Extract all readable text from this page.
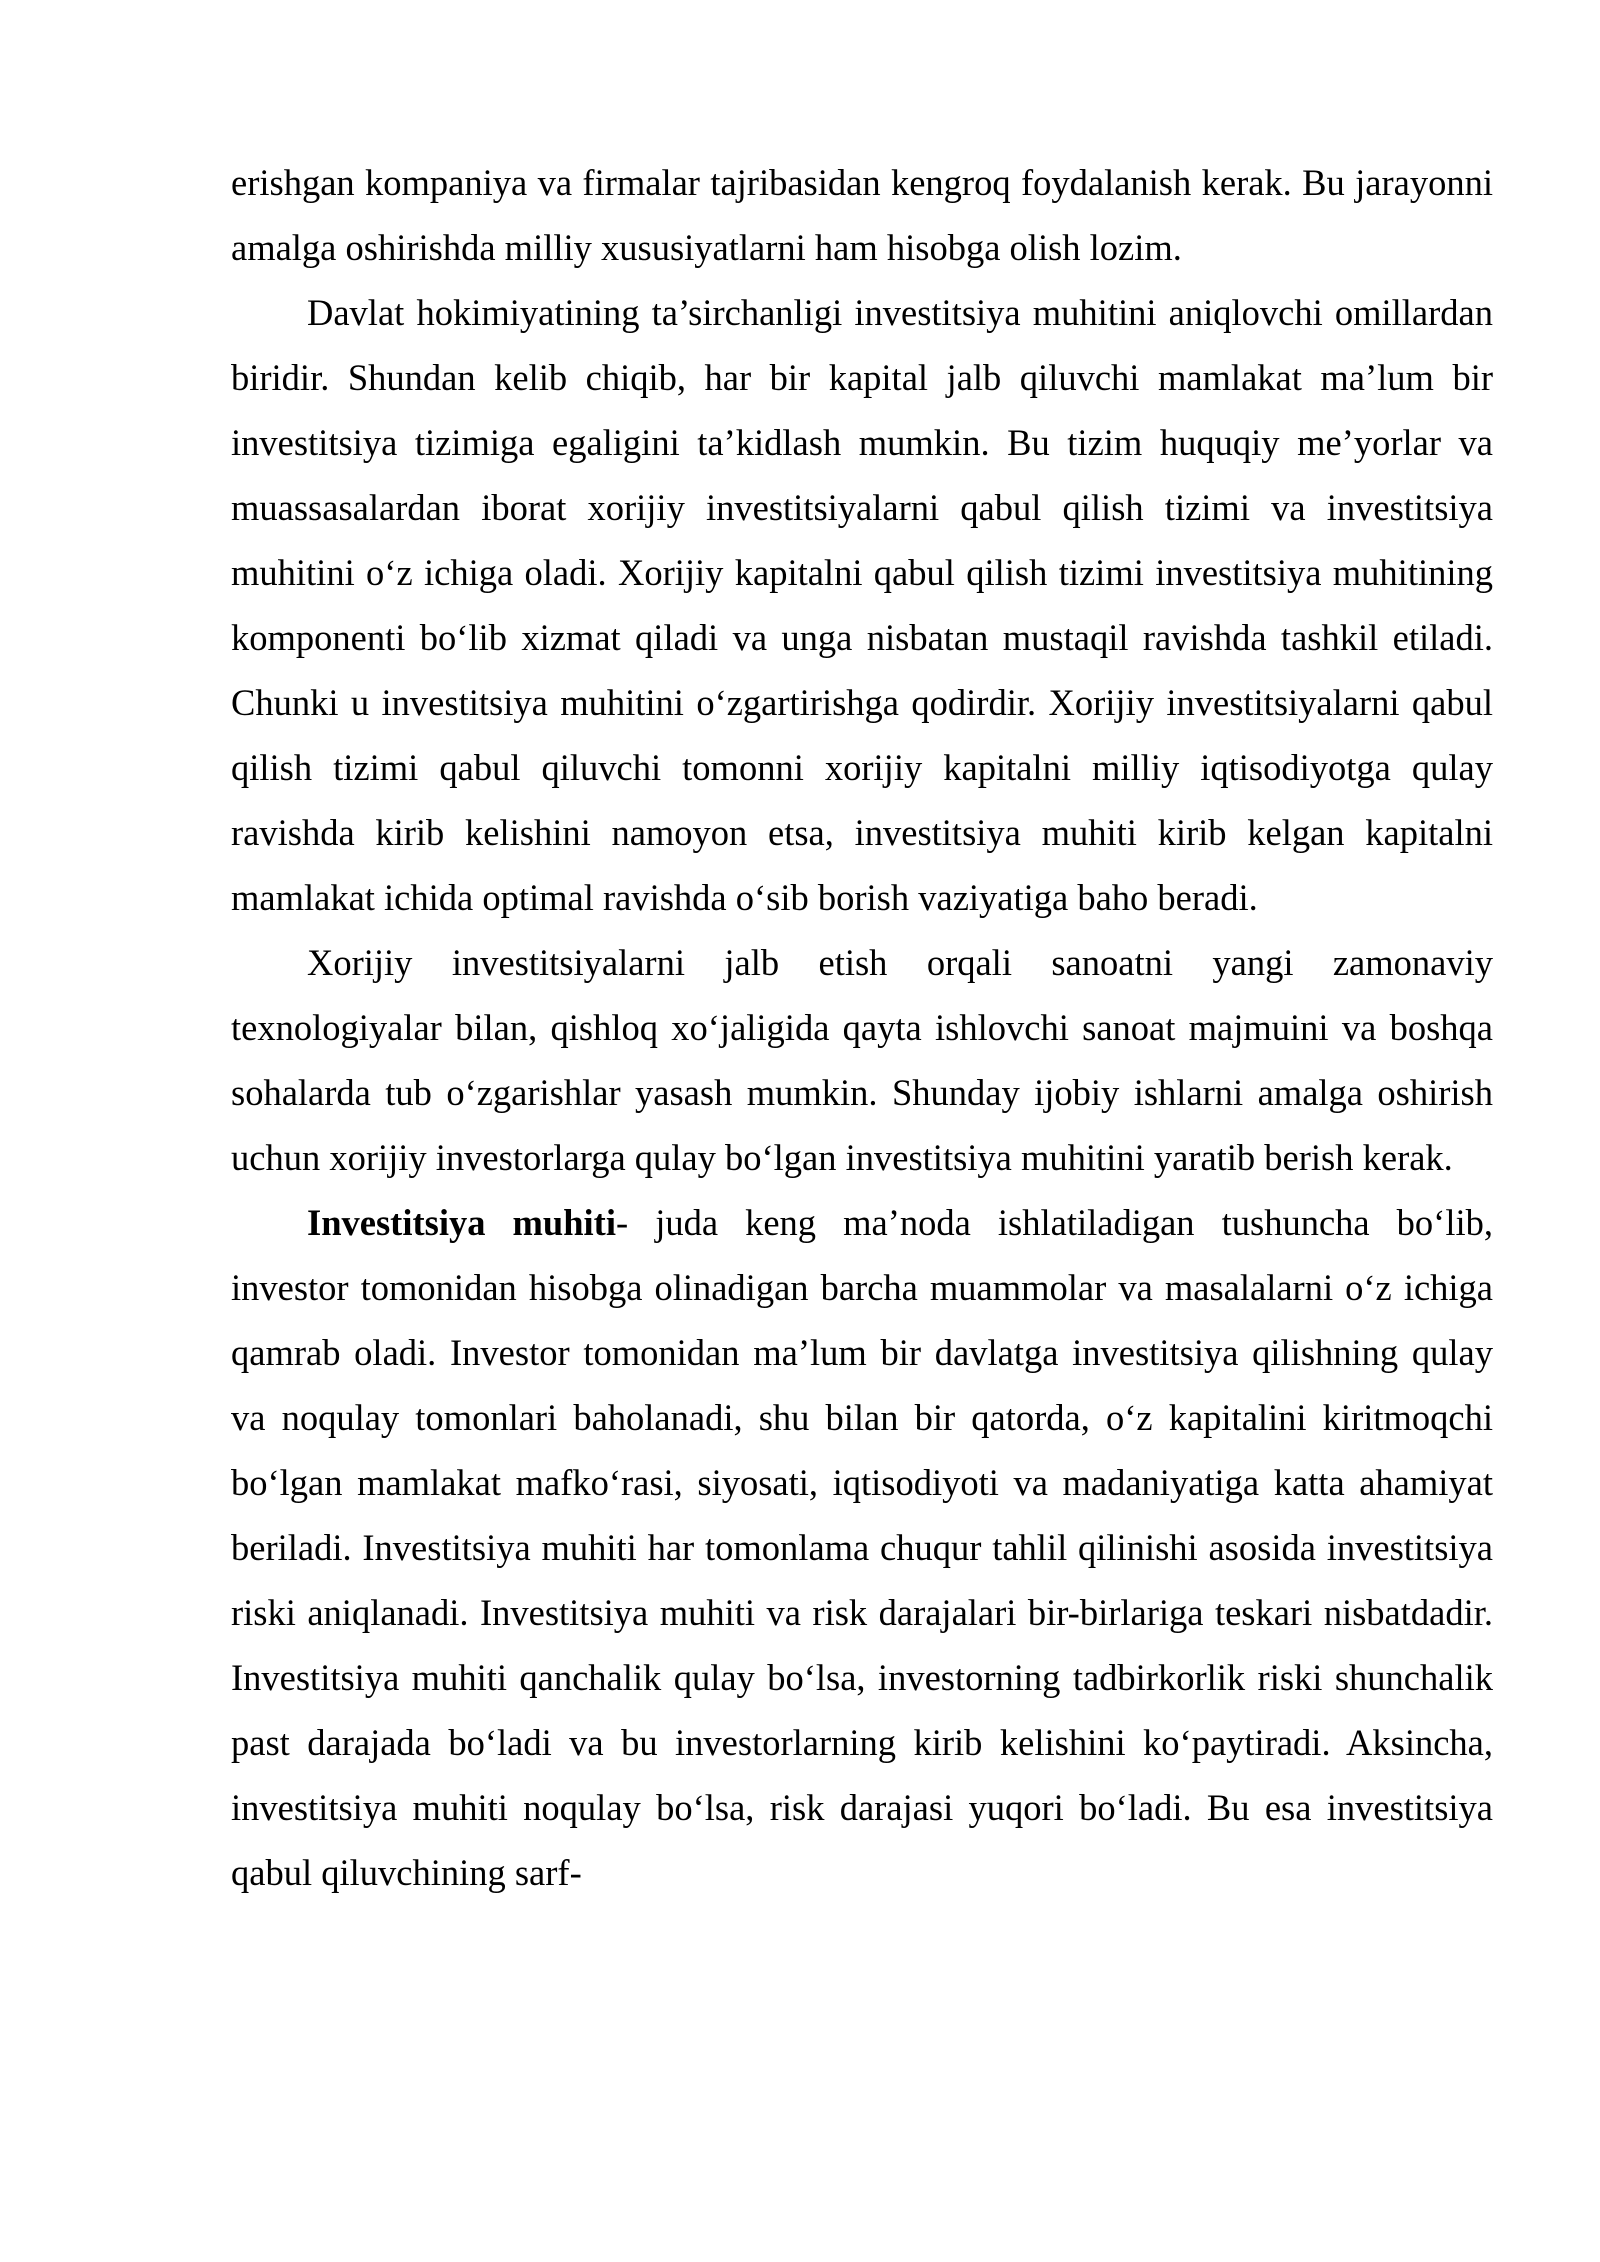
erishgan kompaniya va firmalar tajribasidan kengroq foydalanish kerak. Bu jarayonni amalga oshirishda milliy xususiyatlarni ham hisobga olish lozim.

Davlat hokimiyatining ta’sirchanligi investitsiya muhitini aniqlovchi omillardan biridir. Shundan kelib chiqib, har bir kapital jalb qiluvchi mamlakat ma’lum bir investitsiya tizimiga egaligini ta’kidlash mumkin. Bu tizim huquqiy me’yorlar va muassasalardan iborat xorijiy investitsiyalarni qabul qilish tizimi va investitsiya muhitini o‘z ichiga oladi. Xorijiy kapitalni qabul qilish tizimi investitsiya muhitining komponenti bo‘lib xizmat qiladi va unga nisbatan mustaqil ravishda tashkil etiladi. Chunki u investitsiya muhitini o‘zgartirishga qodirdir. Xorijiy investitsiyalarni qabul qilish tizimi qabul qiluvchi tomonni xorijiy kapitalni milliy iqtisodiyotga qulay ravishda kirib kelishini namoyon etsa, investitsiya muhiti kirib kelgan kapitalni mamlakat ichida optimal ravishda o‘sib borish vaziyatiga baho beradi.

Xorijiy investitsiyalarni jalb etish orqali sanoatni yangi zamonaviy texnologiyalar bilan, qishloq xo‘jaligida qayta ishlovchi sanoat majmuini va boshqa sohalarda tub o‘zgarishlar yasash mumkin. Shunday ijobiy ishlarni amalga oshirish uchun xorijiy investorlarga qulay bo‘lgan investitsiya muhitini yaratib berish kerak.

Investitsiya muhiti- juda keng ma’noda ishlatiladigan tushuncha bo‘lib, investor tomonidan hisobga olinadigan barcha muammolar va masalalarni o‘z ichiga qamrab oladi. Investor tomonidan ma’lum bir davlatga investitsiya qilishning qulay va noqulay tomonlari baholanadi, shu bilan bir qatorda, o‘z kapitalini kiritmoqchi bo‘lgan mamlakat mafko‘rasi, siyosati, iqtisodiyoti va madaniyatiga katta ahamiyat beriladi. Investitsiya muhiti har tomonlama chuqur tahlil qilinishi asosida investitsiya riski aniqlanadi. Investitsiya muhiti va risk darajalari bir-birlariga teskari nisbatdadir. Investitsiya muhiti qanchalik qulay bo‘lsa, investorning tadbirkorlik riski shunchalik past darajada bo‘ladi va bu investorlarning kirib kelishini ko‘paytiradi. Aksincha, investitsiya muhiti noqulay bo‘lsa, risk darajasi yuqori bo‘ladi. Bu esa investitsiya qabul qiluvchining sarf-
